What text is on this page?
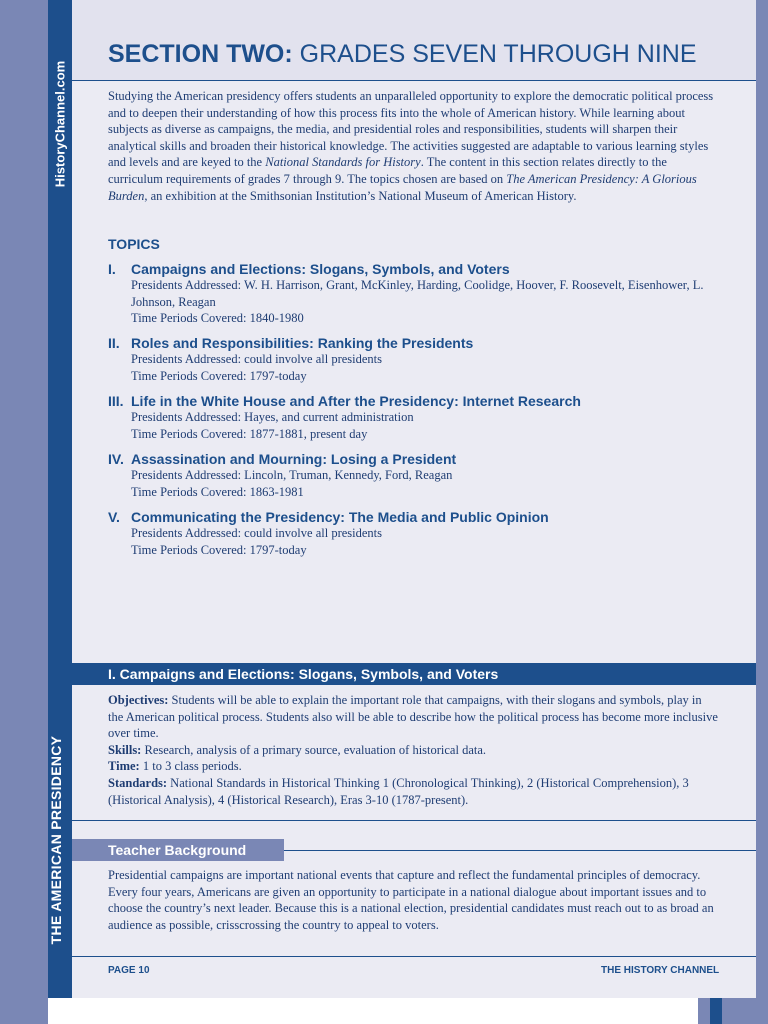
HistoryChannel.com
THE AMERICAN PRESIDENCY
SECTION TWO: GRADES SEVEN THROUGH NINE
Studying the American presidency offers students an unparalleled opportunity to explore the democratic political process and to deepen their understanding of how this process fits into the whole of American history. While learning about subjects as diverse as campaigns, the media, and presidential roles and responsibilities, students will sharpen their analytical skills and broaden their historical knowledge. The activities suggested are adaptable to various learning styles and levels and are keyed to the National Standards for History. The content in this section relates directly to the curriculum requirements of grades 7 through 9. The topics chosen are based on The American Presidency: A Glorious Burden, an exhibition at the Smithsonian Institution’s National Museum of American History.
TOPICS
I. Campaigns and Elections: Slogans, Symbols, and Voters
Presidents Addressed: W. H. Harrison, Grant, McKinley, Harding, Coolidge, Hoover, F. Roosevelt, Eisenhower, L. Johnson, Reagan
Time Periods Covered: 1840-1980
II. Roles and Responsibilities: Ranking the Presidents
Presidents Addressed: could involve all presidents
Time Periods Covered: 1797-today
III. Life in the White House and After the Presidency: Internet Research
Presidents Addressed: Hayes, and current administration
Time Periods Covered: 1877-1881, present day
IV. Assassination and Mourning: Losing a President
Presidents Addressed: Lincoln, Truman, Kennedy, Ford, Reagan
Time Periods Covered: 1863-1981
V. Communicating the Presidency: The Media and Public Opinion
Presidents Addressed: could involve all presidents
Time Periods Covered: 1797-today
I. Campaigns and Elections: Slogans, Symbols, and Voters
Objectives: Students will be able to explain the important role that campaigns, with their slogans and symbols, play in the American political process. Students also will be able to describe how the political process has become more inclusive over time.
Skills: Research, analysis of a primary source, evaluation of historical data.
Time: 1 to 3 class periods.
Standards: National Standards in Historical Thinking 1 (Chronological Thinking), 2 (Historical Comprehension), 3 (Historical Analysis), 4 (Historical Research), Eras 3-10 (1787-present).
Teacher Background
Presidential campaigns are important national events that capture and reflect the fundamental principles of democracy. Every four years, Americans are given an opportunity to participate in a national dialogue about important issues and to choose the country’s next leader. Because this is a national election, presidential candidates must reach out to as broad an audience as possible, crisscrossing the country to appeal to voters.
PAGE 10	THE HISTORY CHANNEL
